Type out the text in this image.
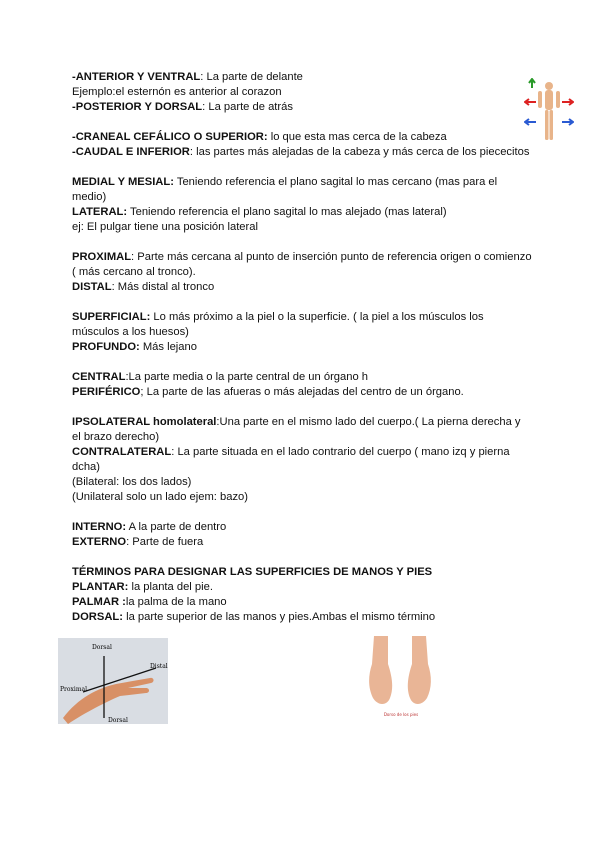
-ANTERIOR Y VENTRAL: La parte de delante

Ejemplo:el esternón es anterior al corazon

-POSTERIOR Y DORSAL: La parte de atrás

-CRANEAL CEFÁLICO O SUPERIOR: lo que esta mas cerca de la cabeza

-CAUDAL E INFERIOR: las partes más alejadas de la cabeza y más cerca de los piececitos

MEDIAL Y MESIAL: Teniendo referencia el plano sagital lo mas cercano (mas para el medio)

LATERAL: Teniendo referencia el plano sagital lo mas alejado (mas lateral)

ej: El pulgar tiene una posición lateral

PROXIMAL: Parte más cercana al punto de inserción punto de referencia origen o comienzo ( más cercano al tronco).

DISTAL: Más distal al tronco

SUPERFICIAL: Lo más próximo a la piel o la superficie. ( la piel a los músculos los músculos a los huesos)

PROFUNDO: Más lejano

CENTRAL:La parte media o la parte central de un órgano h

PERIFÉRICO; La parte de las afueras o más alejadas del centro de un órgano.

IPSOLATERAL homolateral:Una parte en el mismo lado del cuerpo.( La pierna derecha y el brazo derecho)

CONTRALATERAL: La parte situada en el lado contrario del cuerpo ( mano izq y pierna dcha)

(Bilateral: los dos lados)

(Unilateral solo un lado ejem: bazo)

INTERNO: A la parte de dentro

EXTERNO: Parte de fuera

TÉRMINOS PARA DESIGNAR LAS SUPERFICIES DE MANOS Y PIES

PLANTAR: la planta del pie.

PALMAR :la palma de la mano

DORSAL: la parte superior de las manos y pies.Ambas el mismo término

Dorsal
Distal
Proximal
Dorsal
Dorso de los pies
